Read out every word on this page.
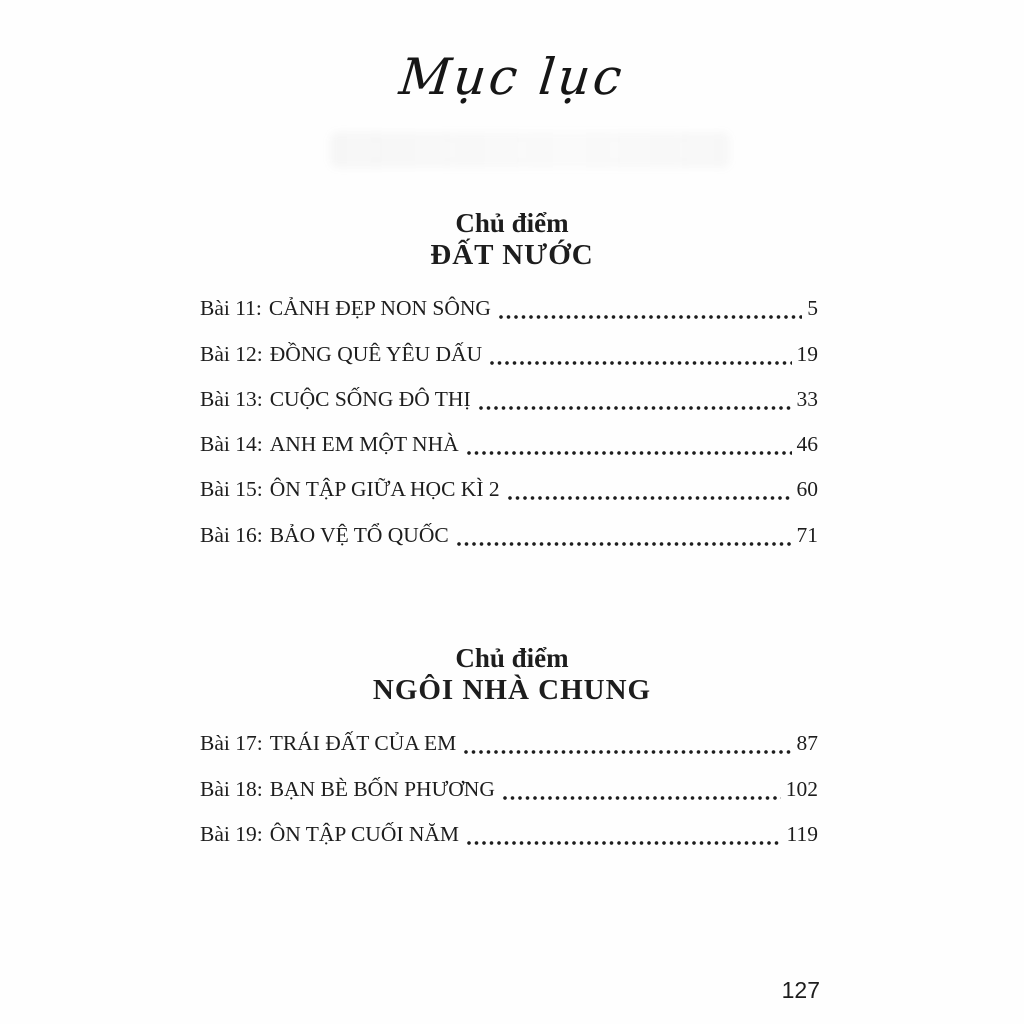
Mục lục
Chủ điểm
ĐẤT NƯỚC
Bài 11: CẢNH ĐẸP NON SÔNG	5
Bài 12: ĐỒNG QUÊ YÊU DẤU	19
Bài 13: CUỘC SỐNG ĐÔ THỊ	33
Bài 14: ANH EM MỘT NHÀ	46
Bài 15: ÔN TẬP GIỮA HỌC KÌ 2	60
Bài 16: BẢO VỆ TỔ QUỐC	71
Chủ điểm
NGÔI NHÀ CHUNG
Bài 17: TRÁI ĐẤT CỦA EM	87
Bài 18: BẠN BÈ BỐN PHƯƠNG	102
Bài 19: ÔN TẬP CUỐI NĂM	119
127
